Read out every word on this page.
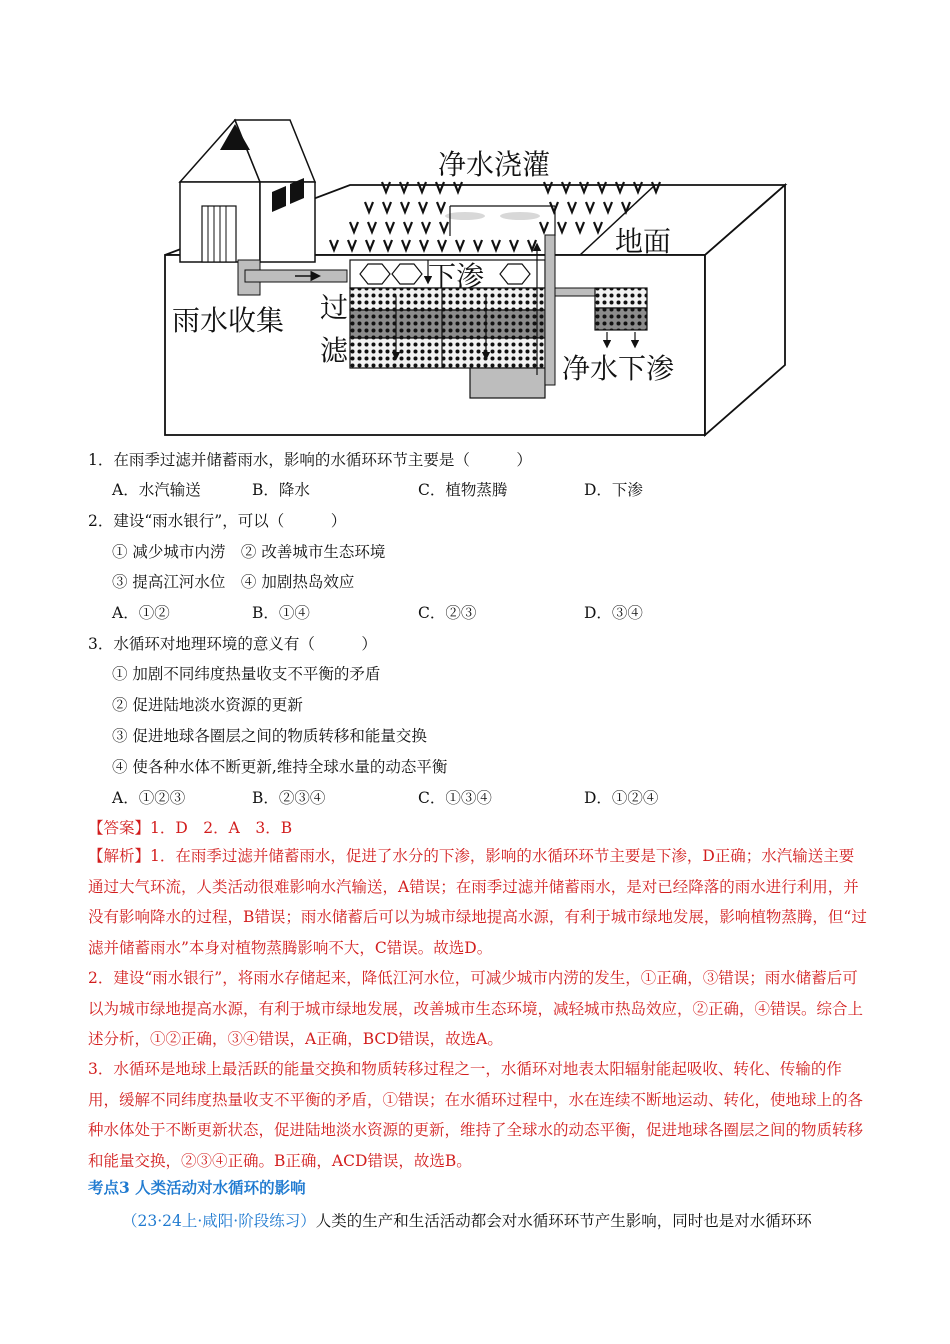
净水浇灌
地面
下渗
雨水收集 过
滤
净水下渗
1．在雨季过滤并储蓄雨水，影响的水循环环节主要是（　　　）
A．水汽输送	B．降水	C．植物蒸腾	D．下渗
2．建设“雨水银行”，可以（　　　）
① 减少城市内涝　② 改善城市生态环境
③ 提高江河水位　④ 加剧热岛效应
A．①②	B．①④	C．②③	D．③④
3．水循环对地理环境的意义有（　　　）
① 加剧不同纬度热量收支不平衡的矛盾
② 促进陆地淡水资源的更新
③ 促进地球各圈层之间的物质转移和能量交换
④ 使各种水体不断更新,维持全球水量的动态平衡
A．①②③	B．②③④	C．①③④	D．①②④
【答案】1．D　2．A　3．B
【解析】1．在雨季过滤并储蓄雨水，促进了水分的下渗，影响的水循环环节主要是下渗，D正确；水汽输送主要通过大气环流，人类活动很难影响水汽输送，A错误；在雨季过滤并储蓄雨水，是对已经降落的雨水进行利用，并没有影响降水的过程，B错误；雨水储蓄后可以为城市绿地提高水源，有利于城市绿地发展，影响植物蒸腾，但“过滤并储蓄雨水”本身对植物蒸腾影响不大，C错误。故选D。
2．建设“雨水银行”，将雨水存储起来，降低江河水位，可减少城市内涝的发生，①正确，③错误；雨水储蓄后可以为城市绿地提高水源，有利于城市绿地发展，改善城市生态环境，减轻城市热岛效应，②正确，④错误。综合上述分析，①②正确，③④错误，A正确，BCD错误，故选A。
3．水循环是地球上最活跃的能量交换和物质转移过程之一，水循环对地表太阳辐射能起吸收、转化、传输的作用，缓解不同纬度热量收支不平衡的矛盾，①错误；在水循环过程中，水在连续不断地运动、转化，使地球上的各种水体处于不断更新状态，促进陆地淡水资源的更新，维持了全球水的动态平衡，促进地球各圈层之间的物质转移和能量交换，②③④正确。B正确，ACD错误，故选B。
考点3 人类活动对水循环的影响
（23·24上·咸阳·阶段练习）人类的生产和生活活动都会对水循环环节产生影响，同时也是对水循环环
